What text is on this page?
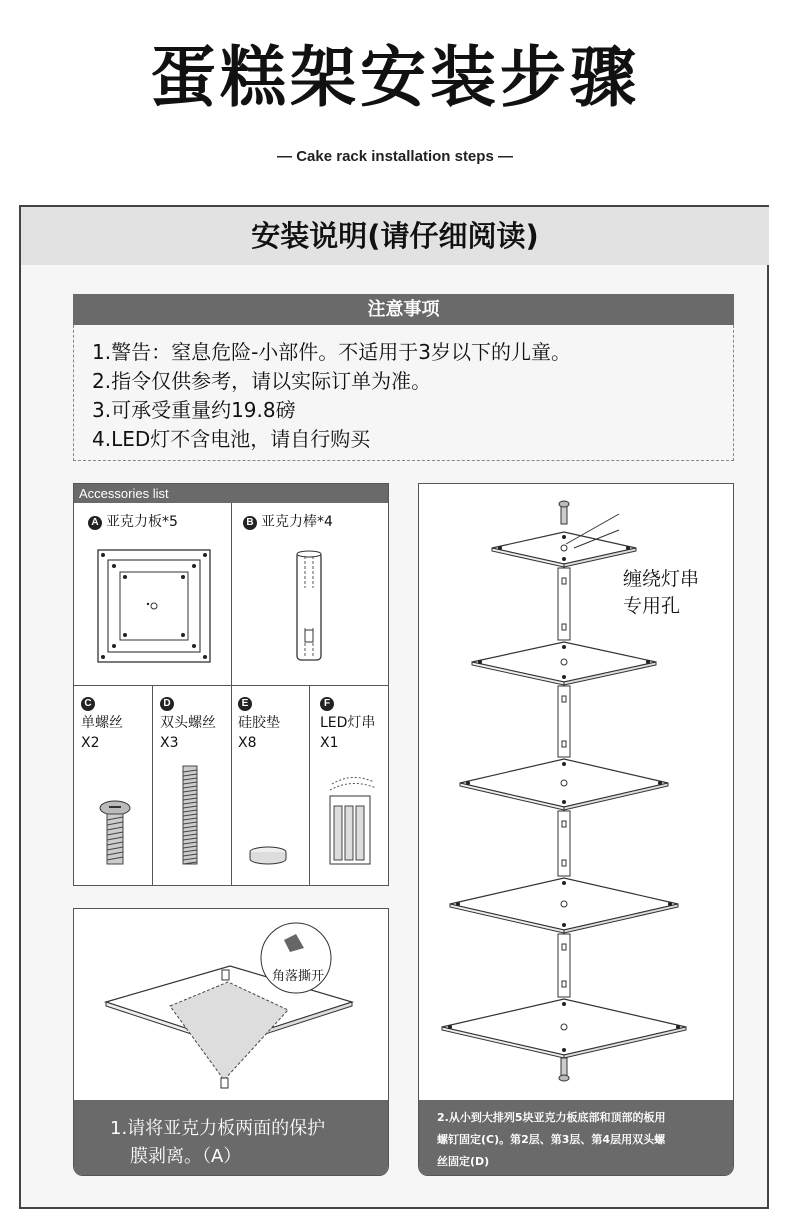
蛋糕架安装步骤
— Cake rack installation steps —
安装说明(请仔细阅读)
注意事项
1.警告：窒息危险-小部件。不适用于3岁以下的儿童。
2.指令仅供参考，请以实际订单为准。
3.可承受重量约19.8磅
4.LED灯不含电池，请自行购买
Accessories list
A 亚克力板*5	B 亚克力棒*4
C
单螺丝
X2
D
双头螺丝
X3
E
硅胶垫
X8
F
LED灯串
X1
角落撕开
1.请将亚克力板两面的保护
膜剥离。（A）
缠绕灯串
专用孔
2.从小到大排列5块亚克力板底部和顶部的板用
螺钉固定(C)。第2层、第3层、第4层用双头螺
丝固定(D)
